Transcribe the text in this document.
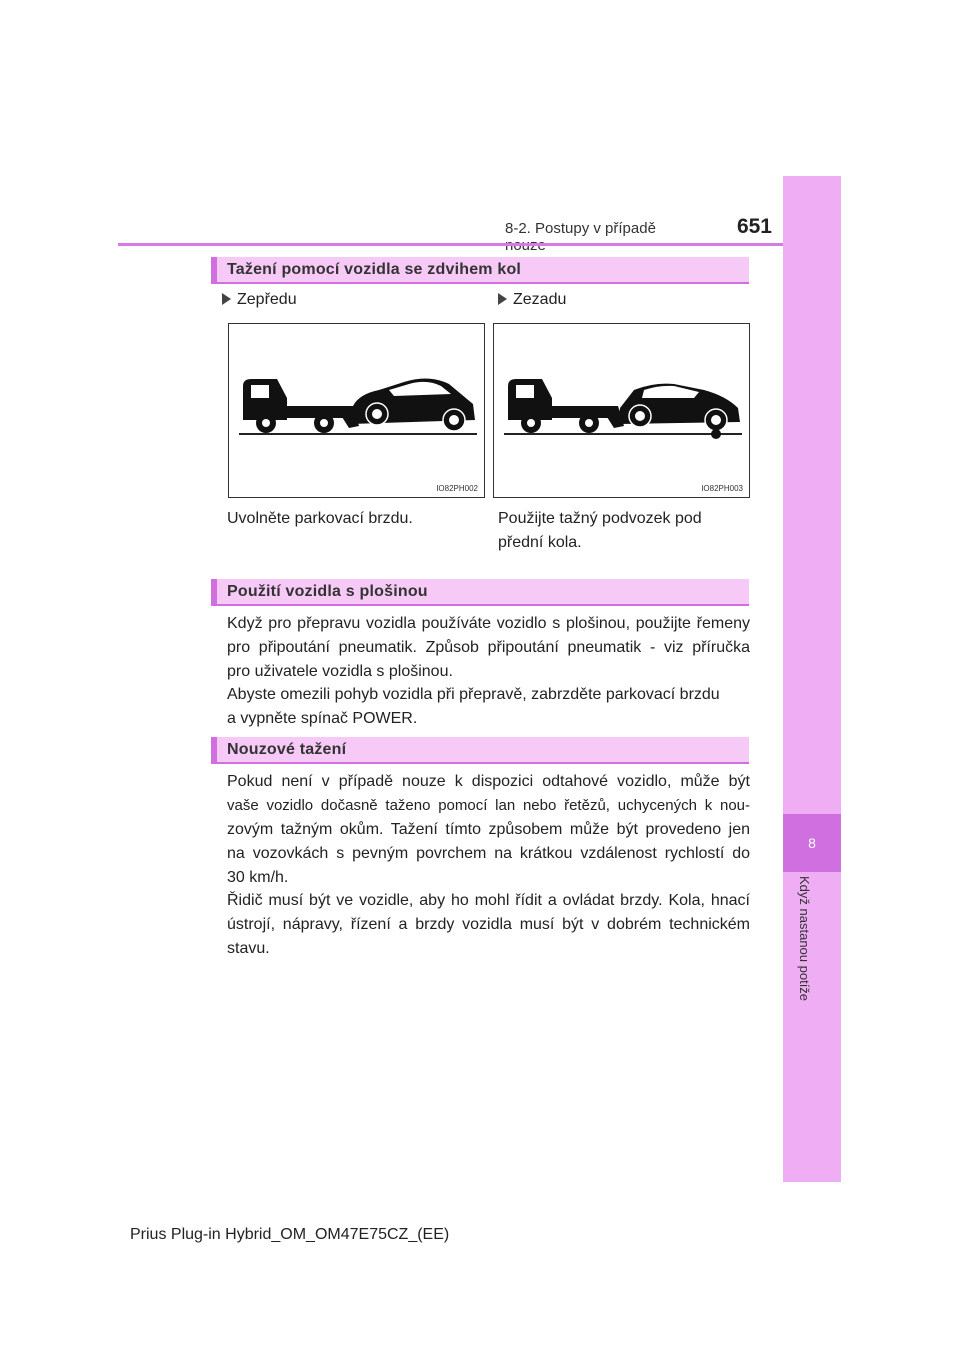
8
Když nastanou potíže
8-2. Postupy v případě	651
Tažení pomocí vozidla se zdvihem kol
Zepředu	Zezadu
IO82PH002	IO82PH003
Uvolněte parkovací brzdu.	Použijte tažný podvozek pod
přední kola.
Použití vozidla s plošinou
Když pro přepravu vozidla používáte vozidlo s plošinou, použijte řemeny
pro připoutání pneumatik. Způsob připoutání pneumatik - viz příručka
pro uživatele vozidla s plošinou.
Abyste omezili pohyb vozidla při přepravě, zabrzděte parkovací brzdu
a vypněte spínač POWER.
Nouzové tažení
Pokud není v případě nouze k dispozici odtahové vozidlo, může být
vaše vozidlo dočasně taženo pomocí lan nebo řetězů, uchycených k nou-
zovým tažným okům. Tažení tímto způsobem může být provedeno jen
na vozovkách s pevným povrchem na krátkou vzdálenost rychlostí do
30 km/h.
Řidič musí být ve vozidle, aby ho mohl řídit a ovládat brzdy. Kola, hnací
ústrojí, nápravy, řízení a brzdy vozidla musí být v dobrém technickém
stavu.
Prius Plug-in Hybrid_OM_OM47E75CZ_(EE)
